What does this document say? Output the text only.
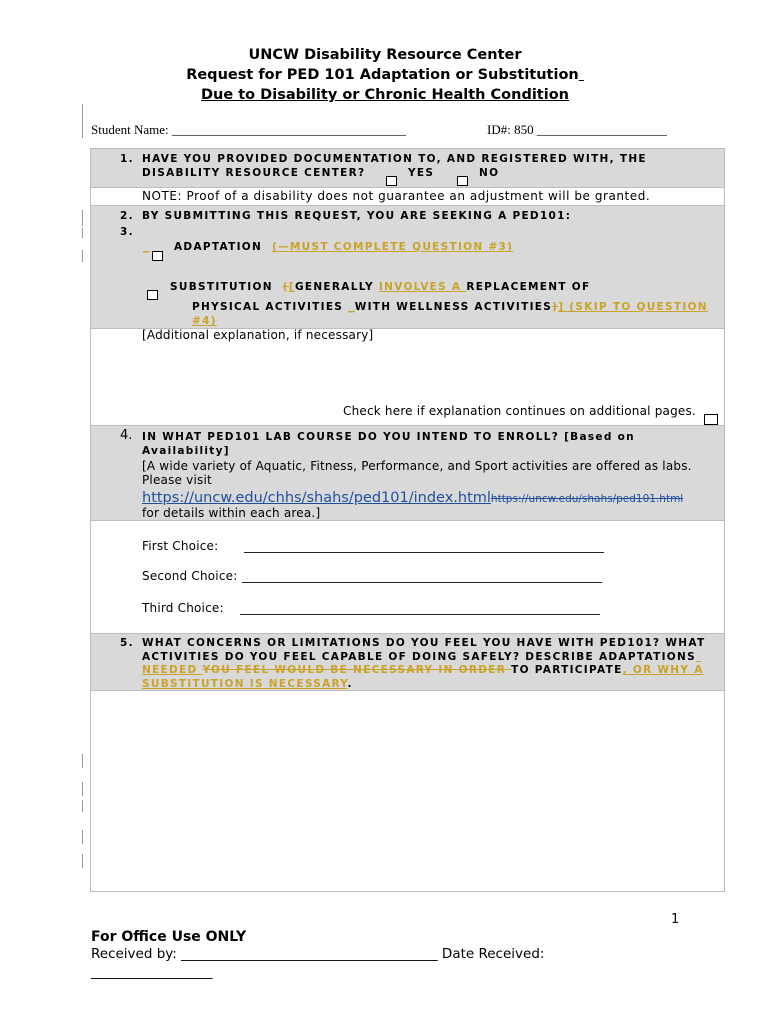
UNCW Disability Resource Center
Request for PED 101 Adaptation or Substitution
Due to Disability or Chronic Health Condition
Student Name: ____________________________________	ID#: 850 ____________________
1. HAVE YOU PROVIDED DOCUMENTATION TO, AND REGISTERED WITH, THE
DISABILITY RESOURCE CENTER?	YES	NO
NOTE: Proof of a disability does not guarantee an adjustment will be granted.
2. BY SUBMITTING THIS REQUEST, YOU ARE SEEKING A PED101:
3.
_ ADAPTATION (—MUST COMPLETE QUESTION #3)
SUBSTITUTION ([GENERALLY INVOLVES A REPLACEMENT OF
PHYSICAL ACTIVITIES _WITH WELLNESS ACTIVITIES)] (SKIP TO QUESTION
#4)
[Additional explanation, if necessary]
Check here if explanation continues on additional pages.
4. IN WHAT PED101 LAB COURSE DO YOU INTEND TO ENROLL? [Based on
Availability]
[A wide variety of Aquatic, Fitness, Performance, and Sport activities are offered as labs.
Please visit
https://uncw.edu/chhs/shahs/ped101/index.htmlhttps://uncw.edu/shahs/ped101.html
for details within each area.]
First Choice: ____________________________________________________________
Second Choice: ____________________________________________________________
Third Choice: ____________________________________________________________
5. WHAT CONCERNS OR LIMITATIONS DO YOU FEEL YOU HAVE WITH PED101? WHAT
ACTIVITIES DO YOU FEEL CAPABLE OF DOING SAFELY? DESCRIBE ADAPTATIONS
NEEDED YOU FEEL WOULD BE NECESSARY IN ORDER TO PARTICIPATE, OR WHY A
SUBSTITUTION IS NECESSARY.
1
For Office Use ONLY
Received by: ______________________________________ Date Received:
__________________
